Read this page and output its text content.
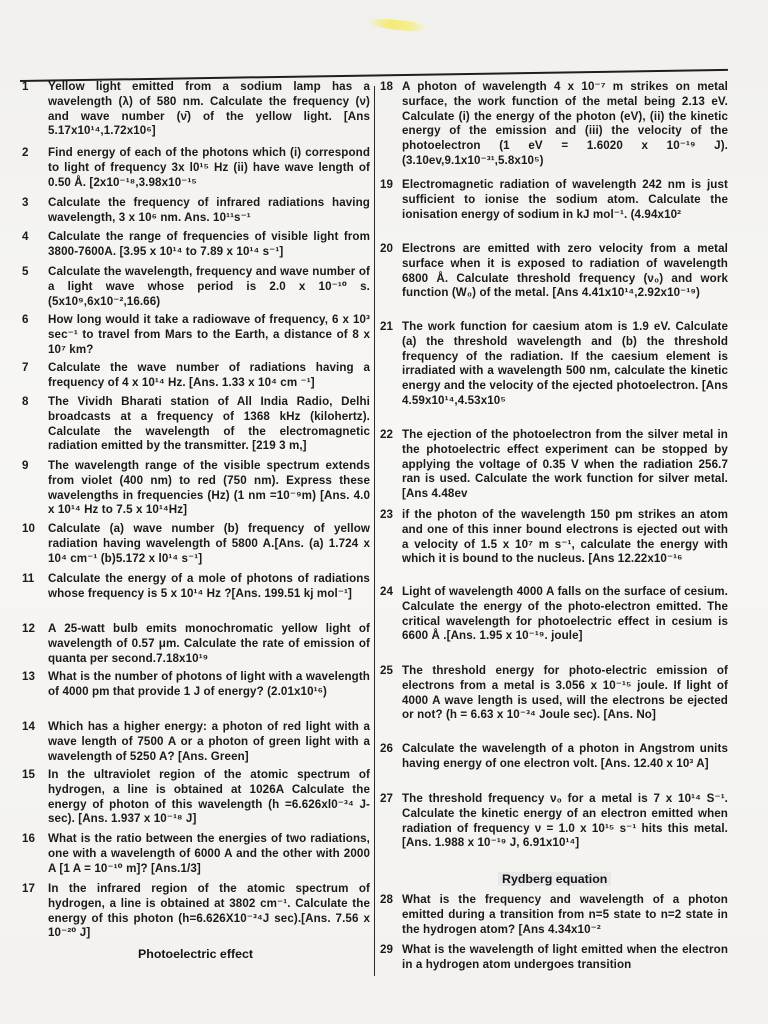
1	Yellow light emitted from a sodium lamp has a wavelength (λ) of 580 nm. Calculate the frequency (ν) and wave number (ν̄) of the yellow light. [Ans 5.17x10¹⁴,1.72x10⁶]
2	Find energy of each of the photons which (i) correspond to light of frequency 3x l0¹⁵ Hz (ii) have wave length of 0.50 Å. [2x10⁻¹⁸,3.98x10⁻¹⁵
3	Calculate the frequency of infrared radiations having wavelength, 3 x 10⁶ nm. Ans. 10¹¹s⁻¹
4	Calculate the range of frequencies of visible light from 3800-7600A. [3.95 x 10¹⁴ to 7.89 x 10¹⁴ s⁻¹]
5	Calculate the wavelength, frequency and wave number of a light wave whose period is 2.0 x 10⁻¹⁰ s.(5x10⁹,6x10⁻²,16.66)
6	How long would it take a radiowave of frequency, 6 x 10³ sec⁻¹ to travel from Mars to the Earth, a distance of 8 x 10⁷ km?
7	Calculate the wave number of radiations having a frequency of 4 x 10¹⁴ Hz. [Ans. 1.33 x 10⁴ cm ⁻¹]
8	The Vividh Bharati station of All India Radio, Delhi broadcasts at a frequency of 1368 kHz (kilohertz). Calculate the wavelength of the electromagnetic radiation emitted by the transmitter. [219 3 m,]
9	The wavelength range of the visible spectrum extends from violet (400 nm) to red (750 nm). Express these wavelengths in frequencies (Hz) (1 nm =10⁻⁹m) [Ans. 4.0 x 10¹⁴ Hz to 7.5 x 10¹⁴Hz]
10	Calculate (a) wave number (b) frequency of yellow radiation having wavelength of 5800 A.[Ans. (a) 1.724 x 10⁴ cm⁻¹ (b)5.172 x l0¹⁴ s⁻¹]
11	Calculate the energy of a mole of photons of radiations whose frequency is 5 x 10¹⁴ Hz ?[Ans. 199.51 kj mol⁻¹]
12	A 25-watt bulb emits monochromatic yellow light of wavelength of 0.57 μm. Calculate the rate of emission of quanta per second.7.18x10¹⁹
13	What is the number of photons of light with a wavelength of 4000 pm that provide 1 J of energy? (2.01x10¹⁶)
14	Which has a higher energy: a photon of red light with a wave length of 7500 A or a photon of green light with a wavelength of 5250 A? [Ans. Green]
15	In the ultraviolet region of the atomic spectrum of hydrogen, a line is obtained at 1026A Calculate the energy of photon of this wavelength (h =6.626xl0⁻³⁴ J-sec). [Ans. 1.937 x 10⁻¹⁸ J]
16	What is the ratio between the energies of two radiations, one with a wavelength of 6000 A and the other with 2000 A [1 A = 10⁻¹⁰ m]? [Ans.1/3]
17	In the infrared region of the atomic spectrum of hydrogen, a line is obtained at 3802 cm⁻¹. Calculate the energy of this photon (h=6.626X10⁻³⁴J sec).[Ans. 7.56 x 10⁻²⁰ J]
Photoelectric effect
18 A photon of wavelength 4 x 10⁻⁷ m strikes on metal surface, the work function of the metal being 2.13 eV. Calculate (i) the energy of the photon (eV), (ii) the kinetic energy of the emission and (iii) the velocity of the photoelectron (1 eV = 1.6020 x 10⁻¹⁹ J). (3.10ev,9.1x10⁻³¹,5.8x10⁵)
19 Electromagnetic radiation of wavelength 242 nm is just sufficient to ionise the sodium atom. Calculate the ionisation energy of sodium in kJ mol⁻¹. (4.94x10²
20 Electrons are emitted with zero velocity from a metal surface when it is exposed to radiation of wavelength 6800 Å. Calculate threshold frequency (ν₀) and work function (W₀) of the metal. [Ans 4.41x10¹⁴,2.92x10⁻¹⁹)
21 The work function for caesium atom is 1.9 eV. Calculate (a) the threshold wavelength and (b) the threshold frequency of the radiation. If the caesium element is irradiated with a wavelength 500 nm, calculate the kinetic energy and the velocity of the ejected photoelectron. [Ans 4.59x10¹⁴,4.53x10⁵
22 The ejection of the photoelectron from the silver metal in the photoelectric effect experiment can be stopped by applying the voltage of 0.35 V when the radiation 256.7 ran is used. Calculate the work function for silver metal. [Ans 4.48ev
23 if the photon of the wavelength 150 pm strikes an atom and one of this inner bound electrons is ejected out with a velocity of 1.5 x 10⁷ m s⁻¹, calculate the energy with which it is bound to the nucleus. [Ans 12.22x10⁻¹⁶
24 Light of wavelength 4000 A falls on the surface of cesium. Calculate the energy of the photo-electron emitted. The critical wavelength for photoelectric effect in cesium is 6600 Å .[Ans. 1.95 x 10⁻¹⁹. joule]
25 The threshold energy for photo-electric emission of electrons from a metal is 3.056 x 10⁻¹⁵ joule. If light of 4000 A wave length is used, will the electrons be ejected or not? (h = 6.63 x 10⁻³⁴ Joule sec). [Ans. No]
26 Calculate the wavelength of a photon in Angstrom units having energy of one electron volt. [Ans. 12.40 x 10³ A]
27 The threshold frequency ν₀ for a metal is 7 x 10¹⁴ S⁻¹. Calculate the kinetic energy of an electron emitted when radiation of frequency ν = 1.0 x 10¹⁵ s⁻¹ hits this metal. [Ans. 1.988 x 10⁻¹⁹ J, 6.91x10¹⁴]
Rydberg equation
28 What is the frequency and wavelength of a photon emitted during a transition from n=5 state to n=2 state in the hydrogen atom? [Ans 4.34x10⁻²
29 What is the wavelength of light emitted when the electron in a hydrogen atom undergoes transition
